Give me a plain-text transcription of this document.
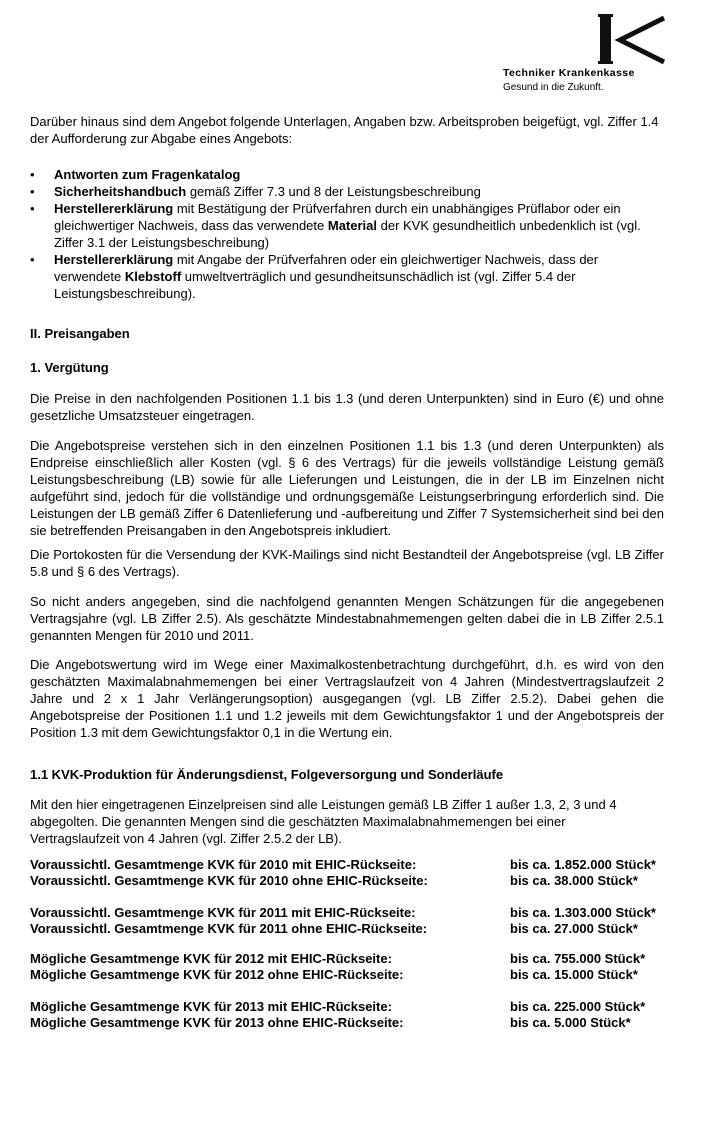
Techniker Krankenkasse
Gesund in die Zukunft.
Darüber hinaus sind dem Angebot folgende Unterlagen, Angaben bzw. Arbeitsproben beigefügt, vgl. Ziffer 1.4 der Aufforderung zur Abgabe eines Angebots:
• Antworten zum Fragenkatalog
• Sicherheitshandbuch gemäß Ziffer 7.3 und 8 der Leistungsbeschreibung
• Herstellererklärung mit Bestätigung der Prüfverfahren durch ein unabhängiges Prüflabor oder ein gleichwertiger Nachweis, dass das verwendete Material der KVK gesundheitlich unbedenklich ist (vgl. Ziffer 3.1 der Leistungsbeschreibung)
• Herstellererklärung mit Angabe der Prüfverfahren oder ein gleichwertiger Nachweis, dass der verwendete Klebstoff umweltverträglich und gesundheitsunschädlich ist (vgl. Ziffer 5.4 der Leistungsbeschreibung).
II. Preisangaben
1. Vergütung
Die Preise in den nachfolgenden Positionen 1.1 bis 1.3 (und deren Unterpunkten) sind in Euro (€) und ohne gesetzliche Umsatzsteuer eingetragen.
Die Angebotspreise verstehen sich in den einzelnen Positionen 1.1 bis 1.3 (und deren Unterpunkten) als Endpreise einschließlich aller Kosten (vgl. § 6 des Vertrags) für die jeweils vollständige Leistung gemäß Leistungsbeschreibung (LB) sowie für alle Lieferungen und Leistungen, die in der LB im Einzelnen nicht aufgeführt sind, jedoch für die vollständige und ordnungsgemäße Leistungserbringung erforderlich sind. Die Leistungen der LB gemäß Ziffer 6 Datenlieferung und -aufbereitung und Ziffer 7 Systemsicherheit sind bei den sie betreffenden Preisangaben in den Angebotspreis inkludiert.
Die Portokosten für die Versendung der KVK-Mailings sind nicht Bestandteil der Angebotspreise (vgl. LB Ziffer 5.8 und § 6 des Vertrags).
So nicht anders angegeben, sind die nachfolgend genannten Mengen Schätzungen für die angegebenen Vertragsjahre (vgl. LB Ziffer 2.5). Als geschätzte Mindestabnahmemengen gelten dabei die in LB Ziffer 2.5.1 genannten Mengen für 2010 und 2011.
Die Angebotswertung wird im Wege einer Maximalkostenbetrachtung durchgeführt, d.h. es wird von den geschätzten Maximalabnahmemengen bei einer Vertragslaufzeit von 4 Jahren (Mindestvertragslaufzeit 2 Jahre und 2 x 1 Jahr Verlängerungsoption) ausgegangen (vgl. LB Ziffer 2.5.2). Dabei gehen die Angebotspreise der Positionen 1.1 und 1.2 jeweils mit dem Gewichtungsfaktor 1 und der Angebotspreis der Position 1.3 mit dem Gewichtungsfaktor 0,1 in die Wertung ein.
1.1 KVK-Produktion für Änderungsdienst, Folgeversorgung und Sonderläufe
Mit den hier eingetragenen Einzelpreisen sind alle Leistungen gemäß LB Ziffer 1 außer 1.3, 2, 3 und 4 abgegolten. Die genannten Mengen sind die geschätzten Maximalabnahmemengen bei einer Vertragslaufzeit von 4 Jahren (vgl. Ziffer 2.5.2 der LB).
Voraussichtl. Gesamtmenge KVK für 2010 mit EHIC-Rückseite:	bis ca. 1.852.000 Stück*
Voraussichtl. Gesamtmenge KVK für 2010 ohne EHIC-Rückseite:	bis ca. 38.000 Stück*
Voraussichtl. Gesamtmenge KVK für 2011 mit EHIC-Rückseite:	bis ca. 1.303.000 Stück*
Voraussichtl. Gesamtmenge KVK für 2011 ohne EHIC-Rückseite:	bis ca. 27.000 Stück*
Mögliche Gesamtmenge KVK für 2012 mit EHIC-Rückseite:	bis ca. 755.000 Stück*
Mögliche Gesamtmenge KVK für 2012 ohne EHIC-Rückseite:	bis ca. 15.000 Stück*
Mögliche Gesamtmenge KVK für 2013 mit EHIC-Rückseite:	bis ca. 225.000 Stück*
Mögliche Gesamtmenge KVK für 2013 ohne EHIC-Rückseite:	bis ca. 5.000 Stück*
